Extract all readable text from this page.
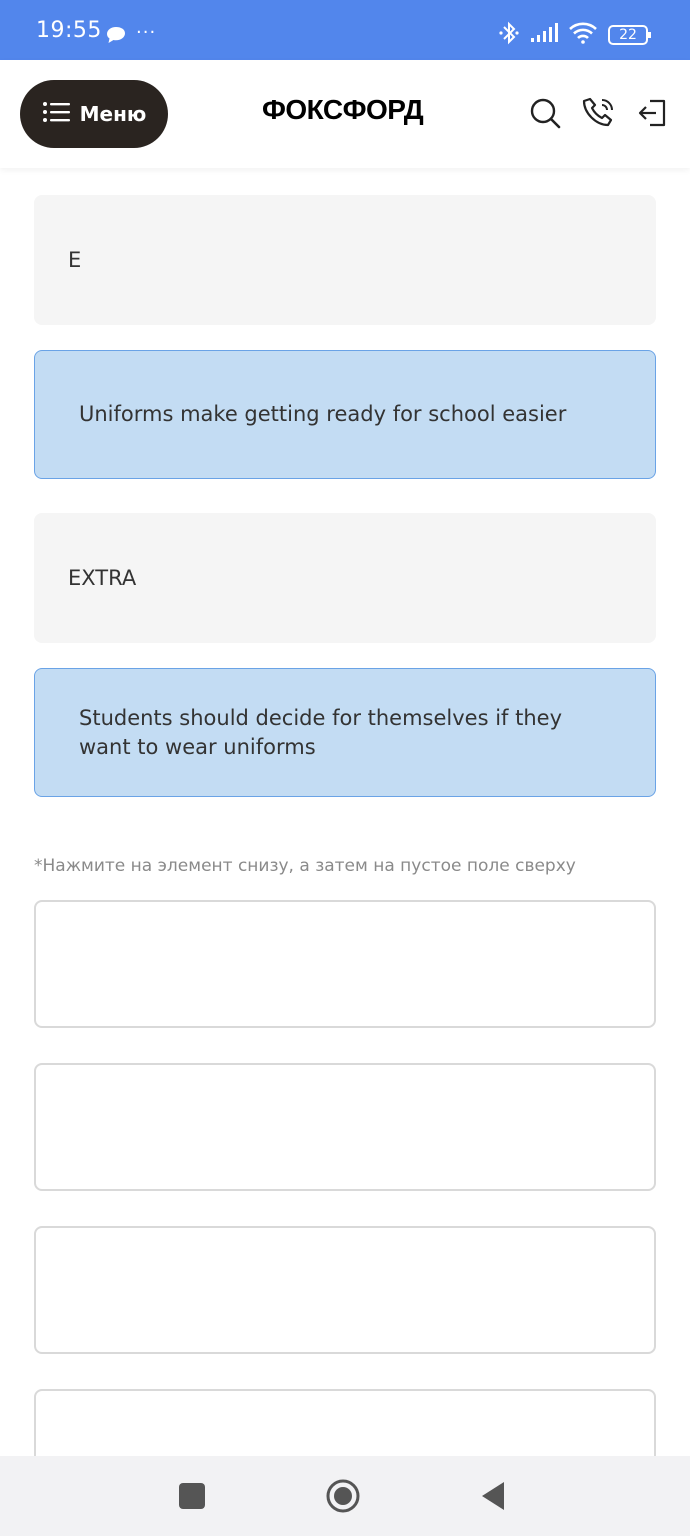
19:55 ···	22
Меню	ФОКСФОРД
E
Uniforms make getting ready for school easier
EXTRA
Students should decide for themselves if they want to wear uniforms
*Нажмите на элемент снизу, а затем на пустое поле сверху
